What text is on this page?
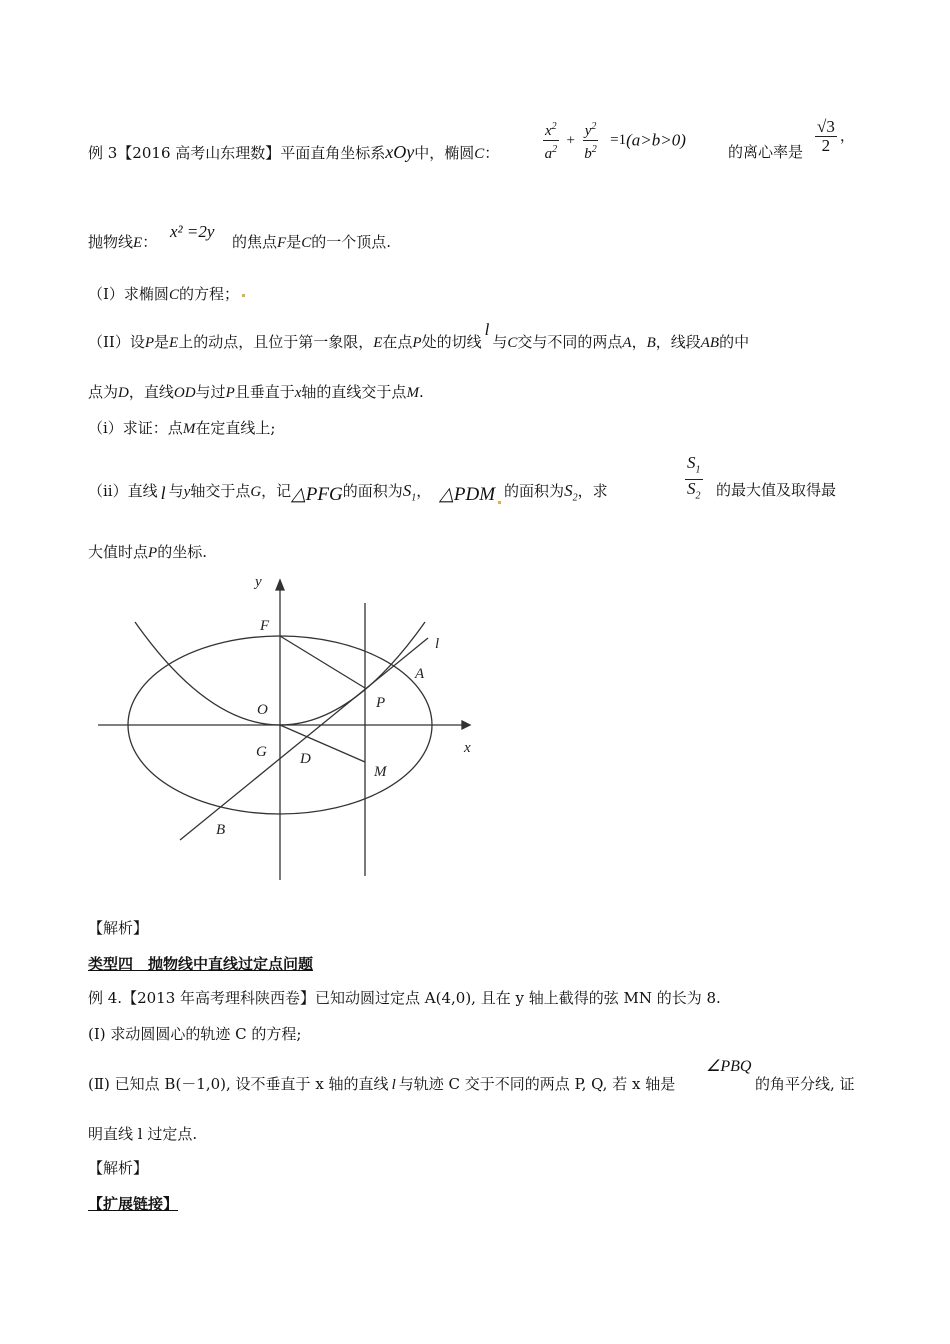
例 3【2016 高考山东理数】平面直角坐标系xOy中，椭圆C：	$\frac{x^2}{a^2} + \frac{y^2}{b^2} =1(a>b>0)$
的离心率是 $\frac{√3}{2}$ ，
抛物线E：
x² =2y
的焦点F是C的一个顶点.
（I）求椭圆C的方程；
（II）设P是E上的动点，且位于第一象限，E在点P处的切线l与C交与不同的两点A，B，线段AB的中
点为D，直线OD与过P且垂直于x轴的直线交于点M.
（i）求证：点M在定直线上;
（ii）直线 l 与y轴交于点G，记△PFG的面积为$S_1$， △PDM 的面积为$S_2$，求	$\frac{S_1}{S_2}$ 的最大值及取得最
大值时点P的坐标.
y
F
l
A
O	P
x
G D
M
B
【解析】
类型四　抛物线中直线过定点问题
例 4.【2013 年高考理科陕西卷】已知动圆过定点 A(4,0), 且在 y 轴上截得的弦 MN 的长为 8.
(Ⅰ) 求动圆圆心的轨迹 C 的方程;
(Ⅱ) 已知点 B(－1,0), 设不垂直于 x 轴的直线 l 与轨迹 C 交于不同的两点 P, Q, 若 x 轴是
∠PBQ
的角平分线, 证
明直线 l 过定点.
【解析】
【扩展链接】
